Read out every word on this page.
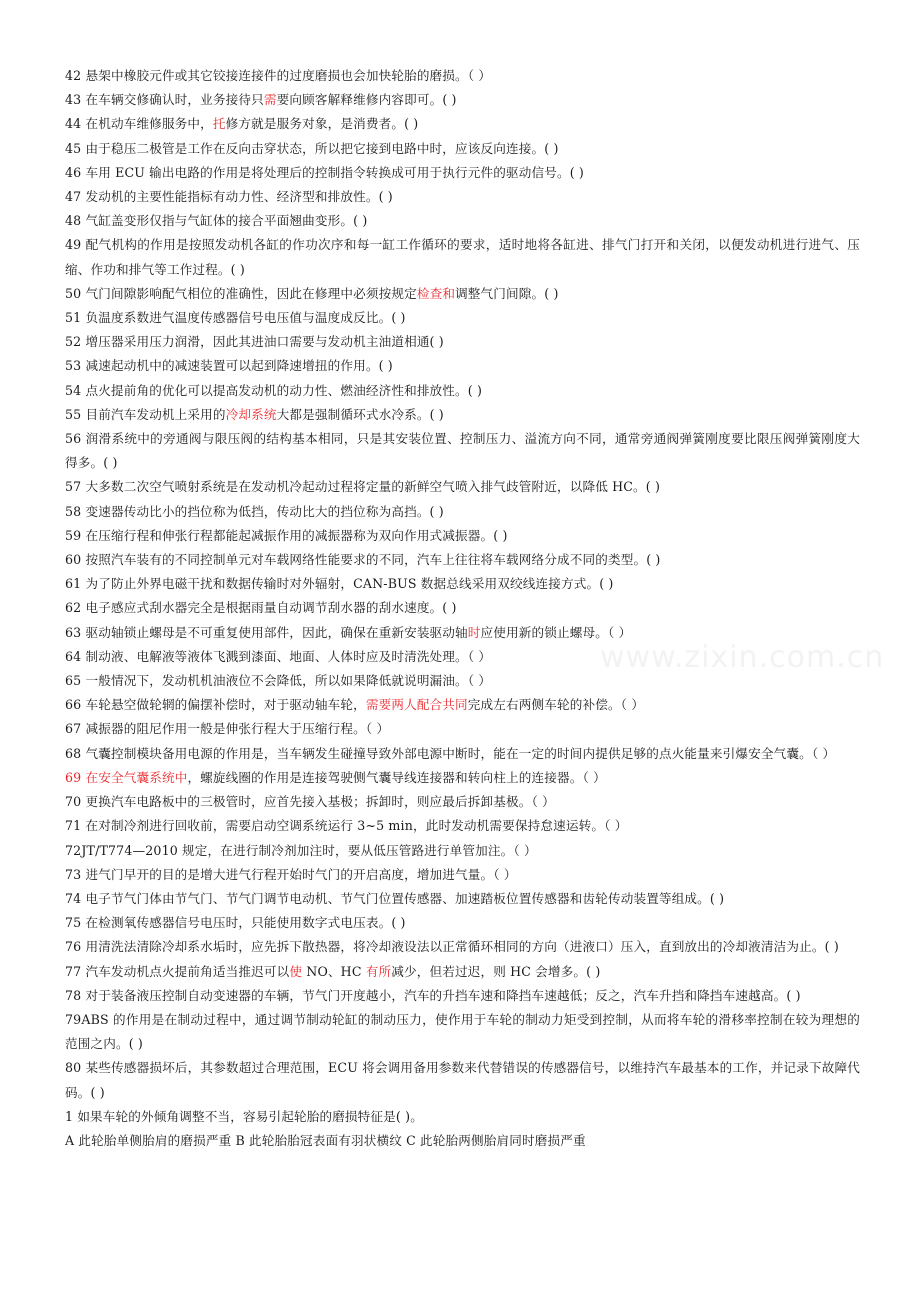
42 悬架中橡胶元件或其它铰接连接件的过度磨损也会加快轮胎的磨损。（ ）

43 在车辆交修确认时，业务接待只需要向顾客解释维修内容即可。( )

44 在机动车维修服务中，托修方就是服务对象，是消费者。( )

45 由于稳压二极管是工作在反向击穿状态，所以把它接到电路中时，应该反向连接。( )

46 车用 ECU 输出电路的作用是将处理后的控制指令转换成可用于执行元件的驱动信号。( )

47 发动机的主要性能指标有动力性、经济型和排放性。( )

48 气缸盖变形仅指与气缸体的接合平面翘曲变形。( )

49 配气机构的作用是按照发动机各缸的作功次序和每一缸工作循环的要求，适时地将各缸进、排气门打开和关闭，以便发动机进行进气、压缩、作功和排气等工作过程。( )

50 气门间隙影响配气相位的准确性，因此在修理中必须按规定检查和调整气门间隙。( )

51 负温度系数进气温度传感器信号电压值与温度成反比。( )

52 增压器采用压力润滑，因此其进油口需要与发动机主油道相通( )

53 减速起动机中的减速装置可以起到降速增扭的作用。( )

54 点火提前角的优化可以提高发动机的动力性、燃油经济性和排放性。( )

55 目前汽车发动机上采用的冷却系统大都是强制循环式水冷系。( )

56 润滑系统中的旁通阀与限压阀的结构基本相同，只是其安装位置、控制压力、溢流方向不同，通常旁通阀弹簧刚度要比限压阀弹簧刚度大得多。( )

57 大多数二次空气喷射系统是在发动机冷起动过程将定量的新鲜空气喷入排气歧管附近，以降低 HC。( )

58 变速器传动比小的挡位称为低挡，传动比大的挡位称为高挡。( )

59 在压缩行程和伸张行程都能起减振作用的减振器称为双向作用式减振器。( )

60 按照汽车装有的不同控制单元对车载网络性能要求的不同，汽车上往往将车载网络分成不同的类型。( )

61 为了防止外界电磁干扰和数据传输时对外辐射，CAN-BUS 数据总线采用双绞线连接方式。( )

62 电子感应式刮水器完全是根据雨量自动调节刮水器的刮水速度。( )

63 驱动轴锁止螺母是不可重复使用部件，因此，确保在重新安装驱动轴时应使用新的锁止螺母。（ ）

64 制动液、电解液等液体飞溅到漆面、地面、人体时应及时清洗处理。（ ）

65 一般情况下，发动机机油液位不会降低，所以如果降低就说明漏油。（ ）

66 车轮悬空做轮辋的偏摆补偿时，对于驱动轴车轮，需要两人配合共同完成左右两侧车轮的补偿。（ ）

67 减振器的阻尼作用一般是伸张行程大于压缩行程。（ ）

68 气囊控制模块备用电源的作用是，当车辆发生碰撞导致外部电源中断时，能在一定的时间内提供足够的点火能量来引爆安全气囊。（ ）

69 在安全气囊系统中，螺旋线圈的作用是连接驾驶侧气囊导线连接器和转向柱上的连接器。（ ）

70 更换汽车电路板中的三极管时，应首先接入基极；拆卸时，则应最后拆卸基极。（ ）

71 在对制冷剂进行回收前，需要启动空调系统运行 3~5 min，此时发动机需要保持怠速运转。（ ）

72JT/T774—2010 规定，在进行制冷剂加注时，要从低压管路进行单管加注。（ ）

73 进气门早开的目的是增大进气行程开始时气门的开启高度，增加进气量。（ ）

74 电子节气门体由节气门、节气门调节电动机、节气门位置传感器、加速踏板位置传感器和齿轮传动装置等组成。( )

75 在检测氧传感器信号电压时，只能使用数字式电压表。( )

76 用清洗法清除冷却系水垢时，应先拆下散热器，将冷却液设法以正常循环相同的方向（进液口）压入，直到放出的冷却液清洁为止。( )

77 汽车发动机点火提前角适当推迟可以使 NO、HC 有所减少，但若过迟，则 HC 会增多。( )

78 对于装备液压控制自动变速器的车辆，节气门开度越小，汽车的升挡车速和降挡车速越低；反之，汽车升挡和降挡车速越高。( )

79ABS 的作用是在制动过程中，通过调节制动轮缸的制动压力，使作用于车轮的制动力矩受到控制，从而将车轮的滑移率控制在较为理想的范围之内。( )

80 某些传感器损坏后，其参数超过合理范围，ECU 将会调用备用参数来代替错误的传感器信号，以维持汽车最基本的工作，并记录下故障代码。( )

1 如果车轮的外倾角调整不当，容易引起轮胎的磨损特征是( )。

A 此轮胎单侧胎肩的磨损严重 B 此轮胎胎冠表面有羽状横纹 C 此轮胎两侧胎肩同时磨损严重

www.zixin.com.cn
